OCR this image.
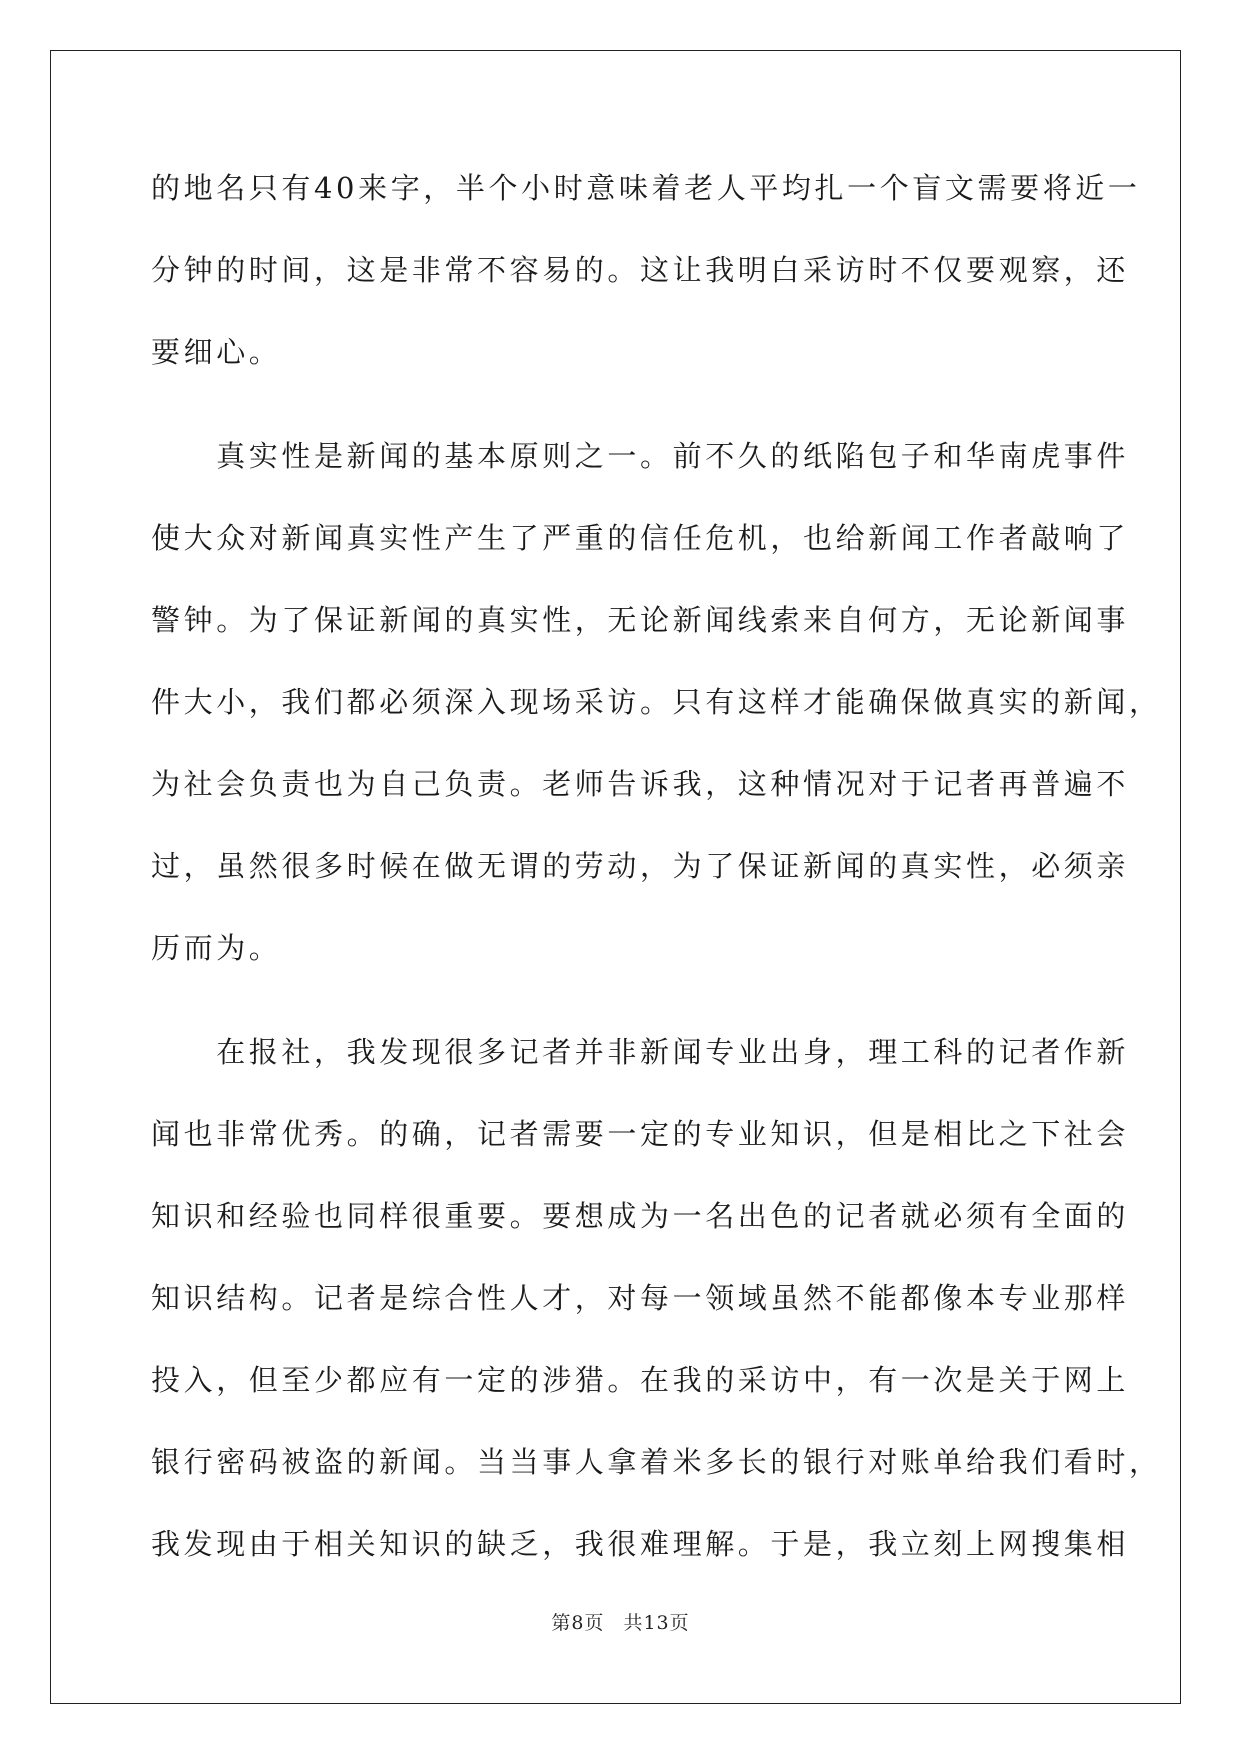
的地名只有40来字，半个小时意味着老人平均扎一个盲文需要将近一
分钟的时间，这是非常不容易的。这让我明白采访时不仅要观察，还
要细心。
　　真实性是新闻的基本原则之一。前不久的纸陷包子和华南虎事件
使大众对新闻真实性产生了严重的信任危机，也给新闻工作者敲响了
警钟。为了保证新闻的真实性，无论新闻线索来自何方，无论新闻事
件大小，我们都必须深入现场采访。只有这样才能确保做真实的新闻，
为社会负责也为自己负责。老师告诉我，这种情况对于记者再普遍不
过，虽然很多时候在做无谓的劳动，为了保证新闻的真实性，必须亲
历而为。
　　在报社，我发现很多记者并非新闻专业出身，理工科的记者作新
闻也非常优秀。的确，记者需要一定的专业知识，但是相比之下社会
知识和经验也同样很重要。要想成为一名出色的记者就必须有全面的
知识结构。记者是综合性人才，对每一领域虽然不能都像本专业那样
投入，但至少都应有一定的涉猎。在我的采访中，有一次是关于网上
银行密码被盗的新闻。当当事人拿着米多长的银行对账单给我们看时，
我发现由于相关知识的缺乏，我很难理解。于是，我立刻上网搜集相
第8页 共13页
